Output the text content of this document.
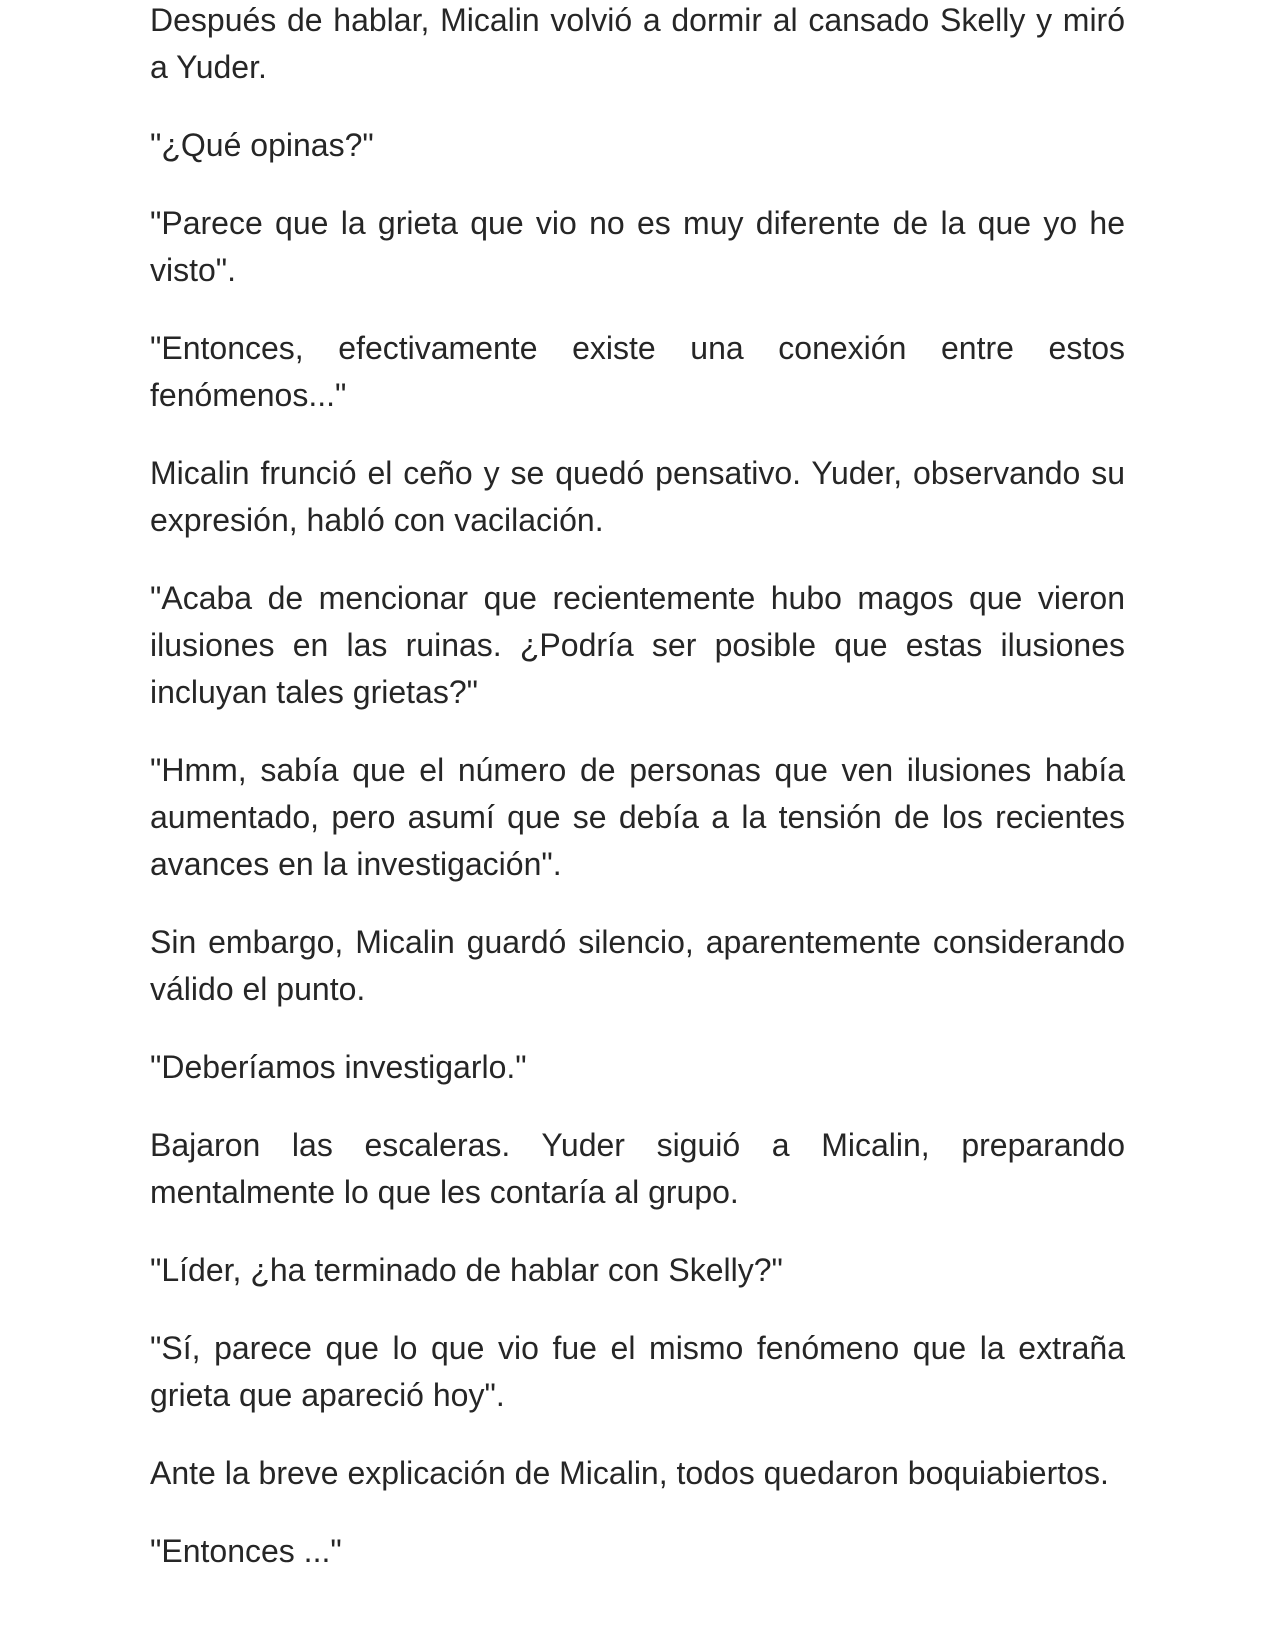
Después de hablar, Micalin volvió a dormir al cansado Skelly y miró a Yuder.

"¿Qué opinas?"

"Parece que la grieta que vio no es muy diferente de la que yo he visto".

"Entonces, efectivamente existe una conexión entre estos fenómenos..."

Micalin frunció el ceño y se quedó pensativo. Yuder, observando su expresión, habló con vacilación.

"Acaba de mencionar que recientemente hubo magos que vieron ilusiones en las ruinas. ¿Podría ser posible que estas ilusiones incluyan tales grietas?"

"Hmm, sabía que el número de personas que ven ilusiones había aumentado, pero asumí que se debía a la tensión de los recientes avances en la investigación".

Sin embargo, Micalin guardó silencio, aparentemente considerando válido el punto.

"Deberíamos investigarlo."

Bajaron las escaleras. Yuder siguió a Micalin, preparando mentalmente lo que les contaría al grupo.

"Líder, ¿ha terminado de hablar con Skelly?"

"Sí, parece que lo que vio fue el mismo fenómeno que la extraña grieta que apareció hoy".

Ante la breve explicación de Micalin, todos quedaron boquiabiertos.

"Entonces ..."
